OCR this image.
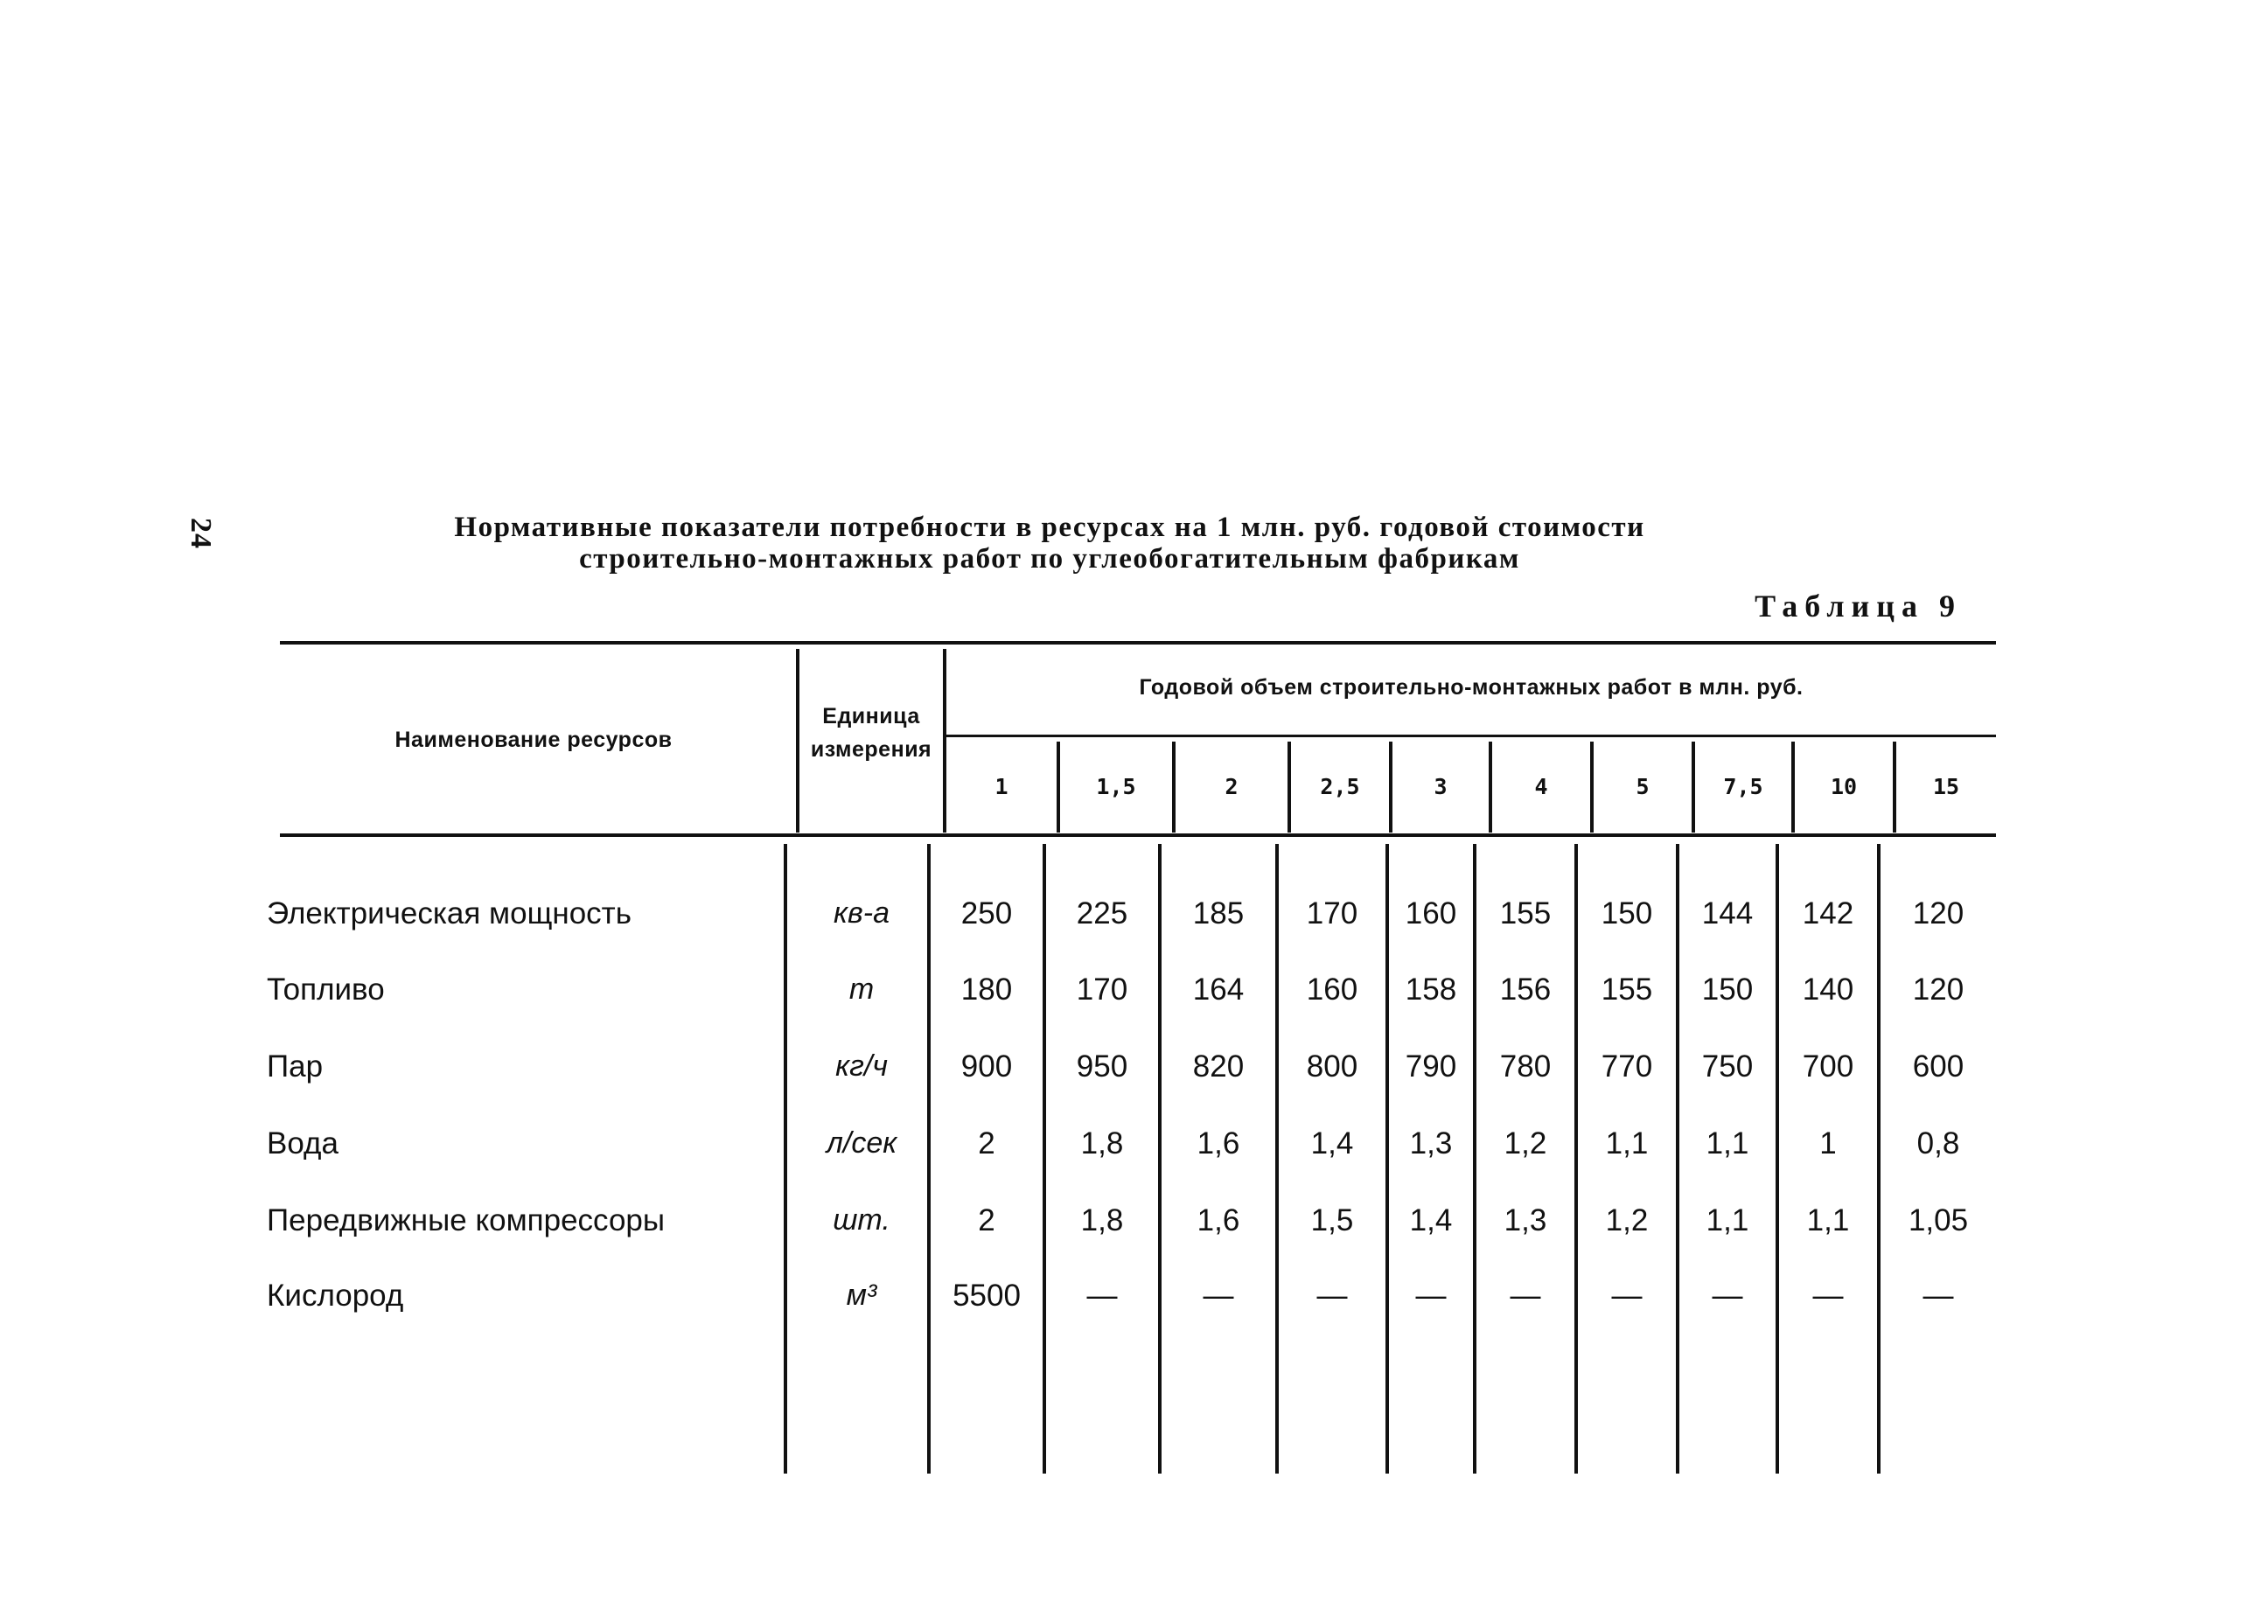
24	Нормативные показатели потребности в ресурсах на 1 млн. руб. годовой стоимости
строительно-монтажных работ по углеобогатительным фабрикам
Таблица 9
Наименование ресурсов
Единица
измерения
Годовой объем строительно-монтажных работ в млн. руб.
1	1,5	2	2,5	3	4	5	7,5	10	15
Электрическая мощность	кв-а	250	225	185	170	160	155	150	144	142	120
Топливо	т	180	170	164	160	158	156	155	150	140	120
Пар	кг/ч	900	950	820	800	790	780	770	750	700	600
Вода	л/сек	2	1,8	1,6	1,4	1,3	1,2	1,1	1,1	1	0,8
Передвижные компрессоры	шт.	2	1,8	1,6	1,5	1,4	1,3	1,2	1,1	1,1	1,05
Кислород	м³	5500	—	—	—	—	—	—	—	—	—
